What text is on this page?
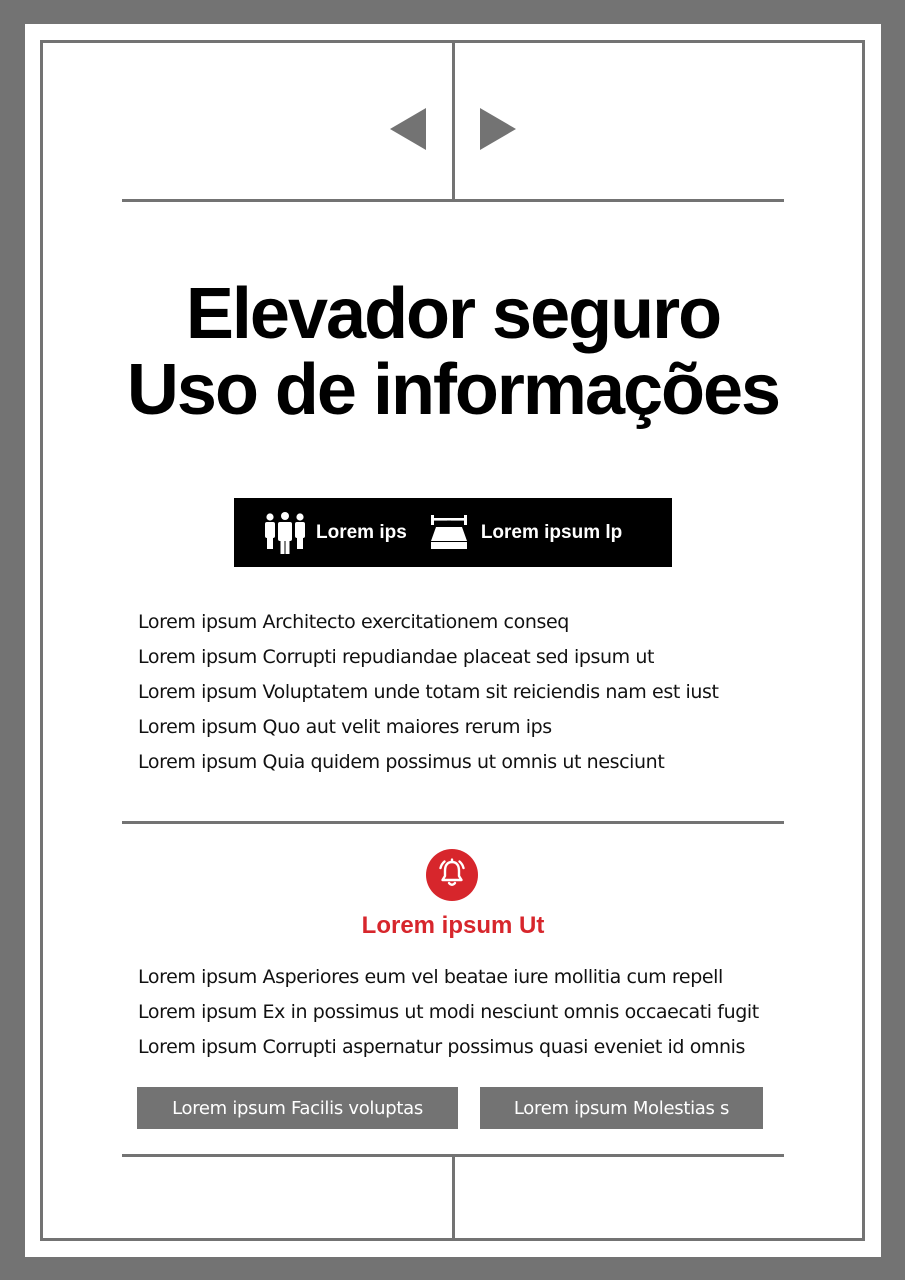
Elevador seguro
Uso de informações
Lorem ips	Lorem ipsum lp
Lorem ipsum Architecto exercitationem conseq
Lorem ipsum Corrupti repudiandae placeat sed ipsum ut
Lorem ipsum Voluptatem unde totam sit reiciendis nam est iust
Lorem ipsum Quo aut velit maiores rerum ips
Lorem ipsum Quia quidem possimus ut omnis ut nesciunt
Lorem ipsum Ut
Lorem ipsum Asperiores eum vel beatae iure mollitia cum repell
Lorem ipsum Ex in possimus ut modi nesciunt omnis occaecati fugit
Lorem ipsum Corrupti aspernatur possimus quasi eveniet id omnis
Lorem ipsum Facilis voluptas	Lorem ipsum Molestias s
